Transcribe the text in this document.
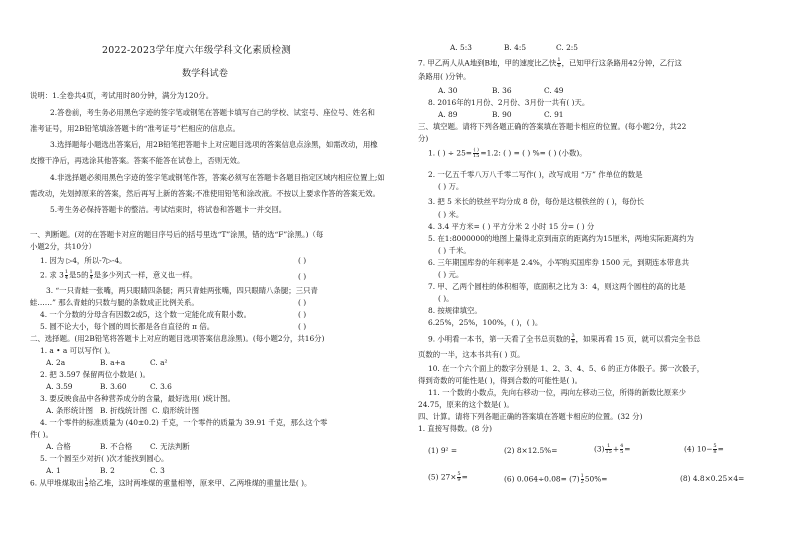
2022-2023学年度六年级学科文化素质检测
数学科试卷
说明：1.全卷共4页，考试用时80分钟，满分为120分。
2.答卷前，考生务必用黑色字迹的签字笔或钢笔在答题卡填写自己的学校、试室号、座位号、姓名和
准考证号，用2B铅笔填涂答题卡的“准考证号”栏相应的信息点。
3.选择题每小题选出答案后，用2B铅笔把答题卡上对应题目选项的答案信息点涂黑，如需改动，用橡
皮擦干净后，再选涂其他答案。答案不能答在试卷上，否则无效。
4.非选择题必须用黑色字迹的签字笔或钢笔作答，答案必须写在答题卡各题目指定区域内相应位置上;如
需改动，先划掉原来的答案，然后再写上新的答案;不准使用铅笔和涂改液。不按以上要求作答的答案无效。
5.考生务必保持答题卡的整洁。考试结束时，将试卷和答题卡一并交回。
一、判断题。(对的在答题卡对应的题目序号后的括号里选“T”涂黑，错的选“F”涂黑。)（每
小题2分，共10分）
1. 因为 ▷4，所以-7▷-4。	( )
2. 求 $3 \frac{1}{4}$ 是5的 $\frac{1}{4}$ 是多少列式一样，意义也一样。	( )
3. “一只青蛙一张嘴，两只眼睛四条腿；两只青蛙两张嘴，四只眼睛八条腿；三只青
蛙……” 那么青蛙的只数与腿的条数成正比例关系。	( )
4. 一个分数的分母含有因数2或5，这个数一定能化成有限小数。	( )
5. 圆不论大小，每个圆的周长都是各自直径的 π 倍。	( )
二、选择题。(用2B铅笔将答题卡上对应的题目选项答案信息涂黑)。(每小题2分，共16分)
1. a • a 可以写作( )。
A. 2a	B. a+a	C. a²
2. 把 3.597 保留两位小数是( )。
A. 3.59	B. 3.60	C. 3.6
3. 要反映食品中各种营养成分的含量，最好选用( )统计图。
A. 条形统计图 B. 折线统计图 C. 扇形统计图
4. 一个零件的标准质量为 (40±0.2) 千克，一个零件的质量为 39.91 千克，那么这个零
件( )。
A. 合格	B. 不合格 C. 无法判断
5. 一个圆至少对折( )次才能找到圆心。
A. 1	B. 2	C. 3
6. 从甲堆煤取出 $\frac{1}{3}$ 给乙堆，这时两堆煤的重量相等，原来甲、乙两堆煤的重量比是( )。
A. 5:3	B. 4:5	C. 2:5
7. 甲乙两人从A地到B地，甲的速度比乙快 $\frac{1}{6}$ ，已知甲行这条路用42分钟，乙行这
条路用( )分钟。
A. 30	B. 36	C. 49
8. 2016年的1月份、2月份、3月份一共有( )天。
A. 89	B. 90	C. 91
三、填空题。请将下列各题正确的答案填在答题卡相应的位置。(每小题2分，共22
分)
1. ( ) ÷ $25= \frac{( )}{15} =1.2$: ( ) = ( ) %= ( ) (小数)。
2. 一亿五千零八万八千零二写作( )，改写成用 “万” 作单位的数是
( ) 万。
3. 把 5 米长的铁丝平均分成 8 份，每份是这根铁丝的 ( )，每份长
( ) 米。
4. 3.4 平方米= ( ) 平方分米 2 小时 15 分= ( ) 分
5. 在1:8000000的地图上量得北京到南京的距离约为15厘米，两地实际距离约为
( ) 千米。
6. 三年期国库券的年利率是 2.4%，小军购买国库券 1500 元，到期连本带息共
( ) 元。
7. 甲、乙两个圆柱的体积相等，底面积之比为 3：4，则这两个圆柱的高的比是
( )。
8. 按规律填空。
6.25%，25%，100%，( )，( )。
9. 小明看一本书，第一天看了全书总页数的 $\frac{3}{8}$ ，如果再看 15 页，就可以看完全书总
页数的一半，这本书共有( ) 页。
10. 在一个六个面上的数字分别是 1、2、3、4、5、6 的正方体骰子。掷一次骰子，
得到奇数的可能性是( )，得到合数的可能性是( )。
11. 一个数的小数点，先向右移动一位，再向左移动三位，所得的新数比原来少
24.75，原来的这个数是( )。
四、计算。请将下列各题正确的答案填在答题卡相应的位置。(32 分)
1. 直接写得数。(8 分)
(1) 9² =	(2) 8×12.5%=	$(3) \frac{1}{15} + \frac{4}{5}$ =	(4) $10- \frac{5}{8}$ =
(5) $27\times \frac{5}{9}$ =	(6) $0.064\div 0.08= (7) \frac{1}{2} 50\%=$	(8) 4.8×0.25×4=
